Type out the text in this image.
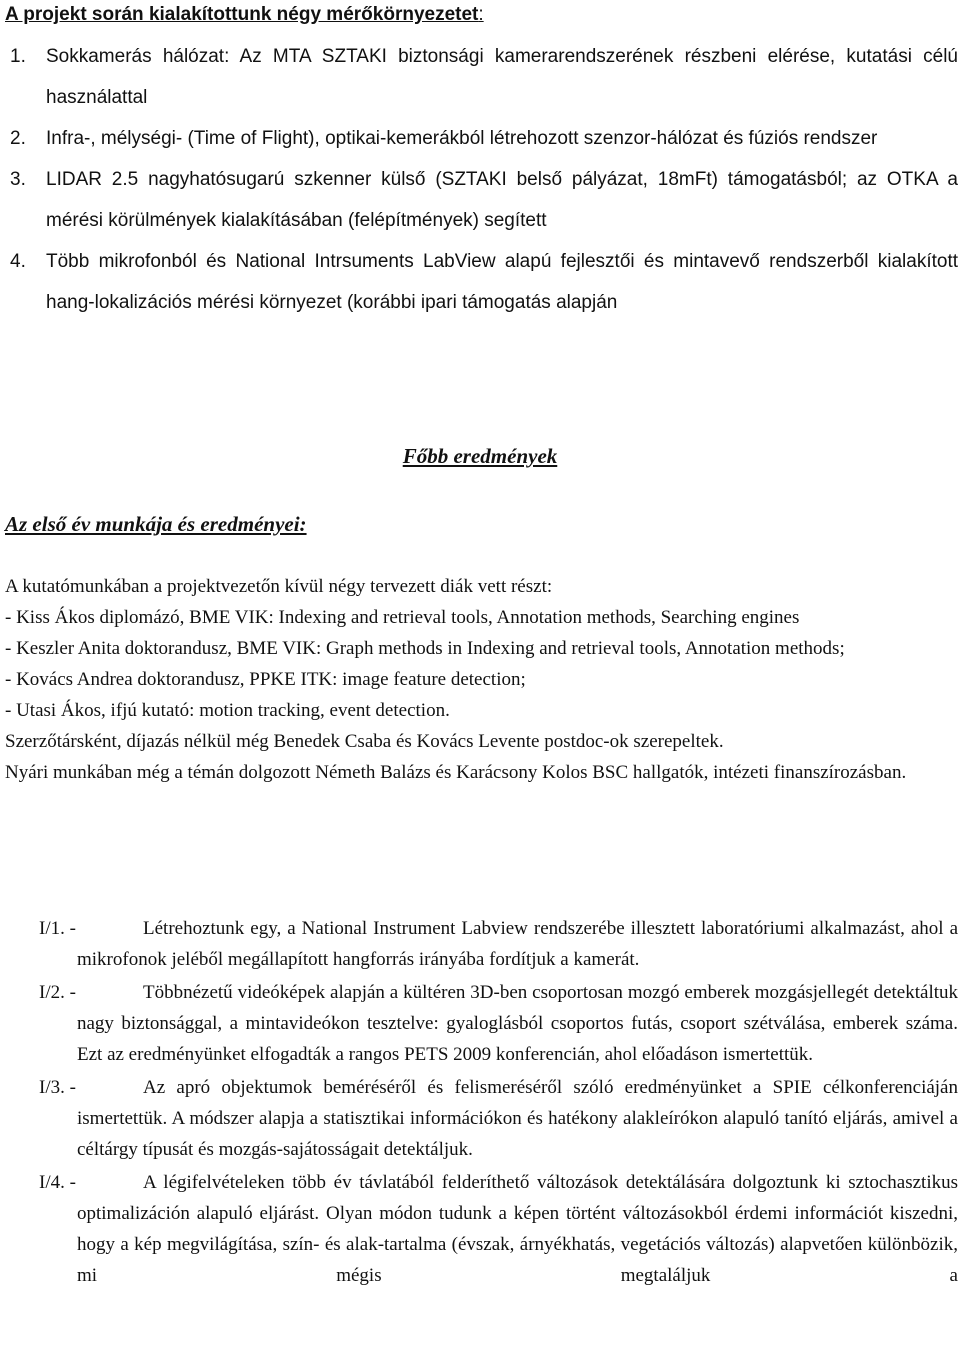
A projekt során kialakítottunk négy mérőkörnyezetet:
1. Sokkamerás hálózat: Az MTA SZTAKI biztonsági kamerarendszerének részbeni elérése, kutatási célú használattal
2. Infra-, mélységi- (Time of Flight), optikai-kemerákból létrehozott szenzor-hálózat és fúziós rendszer
3. LIDAR 2.5 nagyhatósugarú szkenner külső (SZTAKI belső pályázat, 18mFt) támogatásból; az OTKA a mérési körülmények kialakításában (felépítmények) segített
4. Több mikrofonból és National Intrsuments LabView alapú fejlesztői és mintavevő rendszerből kialakított hang-lokalizációs mérési környezet (korábbi ipari támogatás alapján
Főbb eredmények
Az első év munkája és eredményei:

A kutatómunkában a projektvezetőn kívül négy tervezett diák vett részt:

- Kiss Ákos diplomázó, BME VIK: Indexing and retrieval tools, Annotation methods, Searching engines

- Keszler Anita doktorandusz, BME VIK: Graph methods in Indexing and retrieval tools, Annotation methods;

- Kovács Andrea doktorandusz, PPKE ITK: image feature detection;

- Utasi Ákos, ifjú kutató: motion tracking, event detection.

Szerzőtársként, díjazás nélkül még Benedek Csaba és Kovács Levente postdoc-ok szerepeltek.

Nyári munkában még a témán dolgozott Németh Balázs és Karácsony Kolos BSC hallgatók, intézeti finanszírozásban.

I/1. -	Létrehoztunk egy, a National Instrument Labview rendszerébe illesztett laboratóriumi alkalmazást, ahol a mikrofonok jeléből megállapított hangforrás irányába fordítjuk a kamerát.
I/2. -	Többnézetű videóképek alapján a kültéren 3D-ben csoportosan mozgó emberek mozgásjellegét detektáltuk nagy biztonsággal, a mintavideókon tesztelve: gyaloglásból csoportos futás, csoport szétválása, emberek száma. Ezt az eredményünket elfogadták a rangos PETS 2009 konferencián, ahol előadáson ismertettük.
I/3. -	Az apró objektumok beméréséről és felismeréséről szóló eredményünket a SPIE célkonferenciáján ismertettük. A módszer alapja a statisztikai információkon és hatékony alakleírókon alapuló tanító eljárás, amivel a céltárgy típusát és mozgás-sajátosságait detektáljuk.
I/4. -	A légifelvételeken több év távlatából felderíthető változások detektálására dolgoztunk ki sztochasztikus optimalizáción alapuló eljárást. Olyan módon tudunk a képen történt változásokból érdemi információt kiszedni, hogy a kép megvilágítása, szín- és alak-tartalma (évszak, árnyékhatás, vegetációs változás) alapvetően különbözik, mi mégis megtaláljuk a
